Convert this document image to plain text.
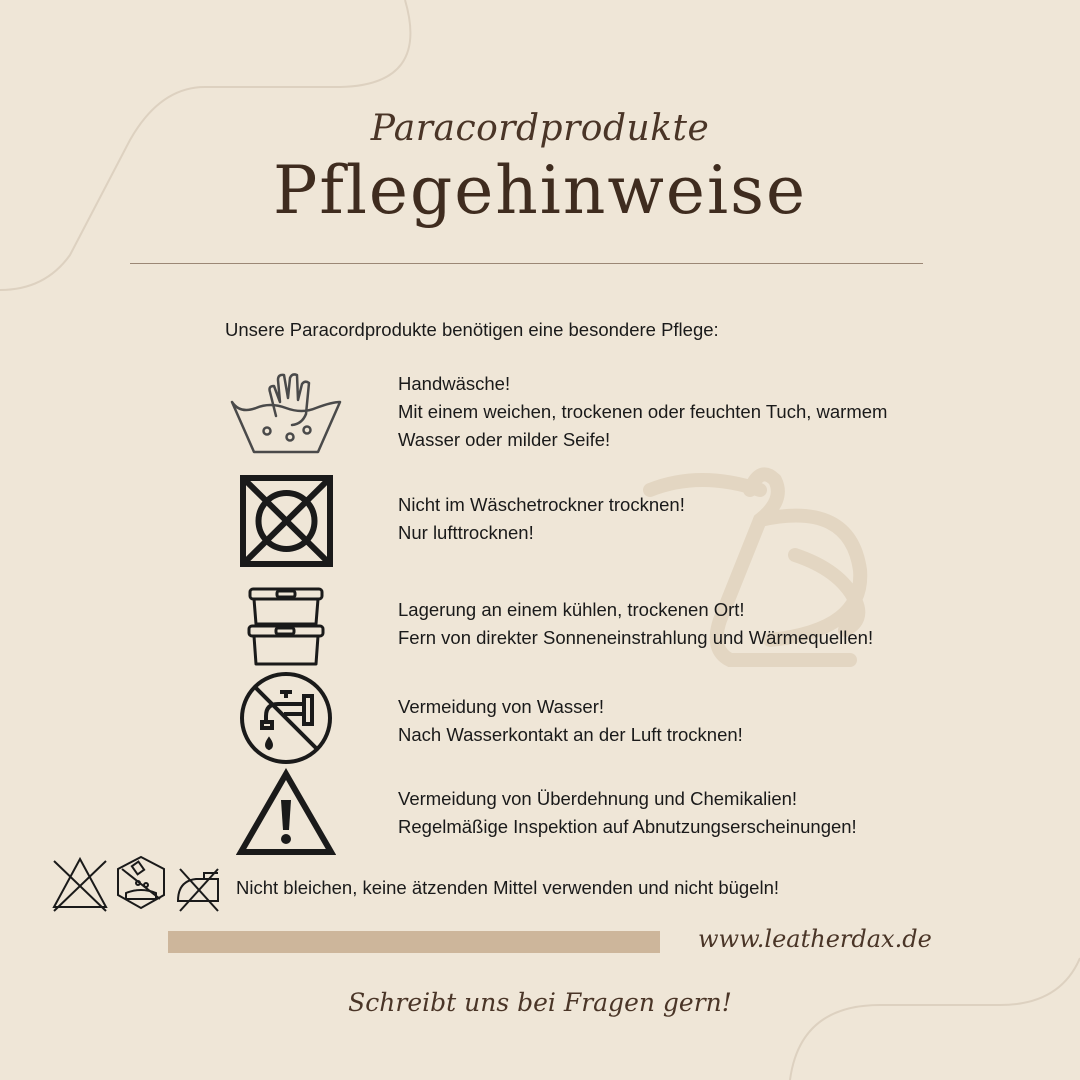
Paracordprodukte
Pflegehinweise
Unsere Paracordprodukte benötigen eine besondere Pflege:
Handwäsche!
Mit einem weichen, trockenen oder feuchten Tuch, warmem
Wasser oder milder Seife!
Nicht im Wäschetrockner trocknen!
Nur lufttrocknen!
Lagerung an einem kühlen, trockenen Ort!
Fern von direkter Sonneneinstrahlung und Wärmequellen!
Vermeidung von Wasser!
Nach Wasserkontakt an der Luft trocknen!
Vermeidung von Überdehnung und Chemikalien!
Regelmäßige Inspektion auf Abnutzungserscheinungen!
Nicht bleichen, keine ätzenden Mittel verwenden und nicht bügeln!
www.leatherdax.de
Schreibt uns bei Fragen gern!
